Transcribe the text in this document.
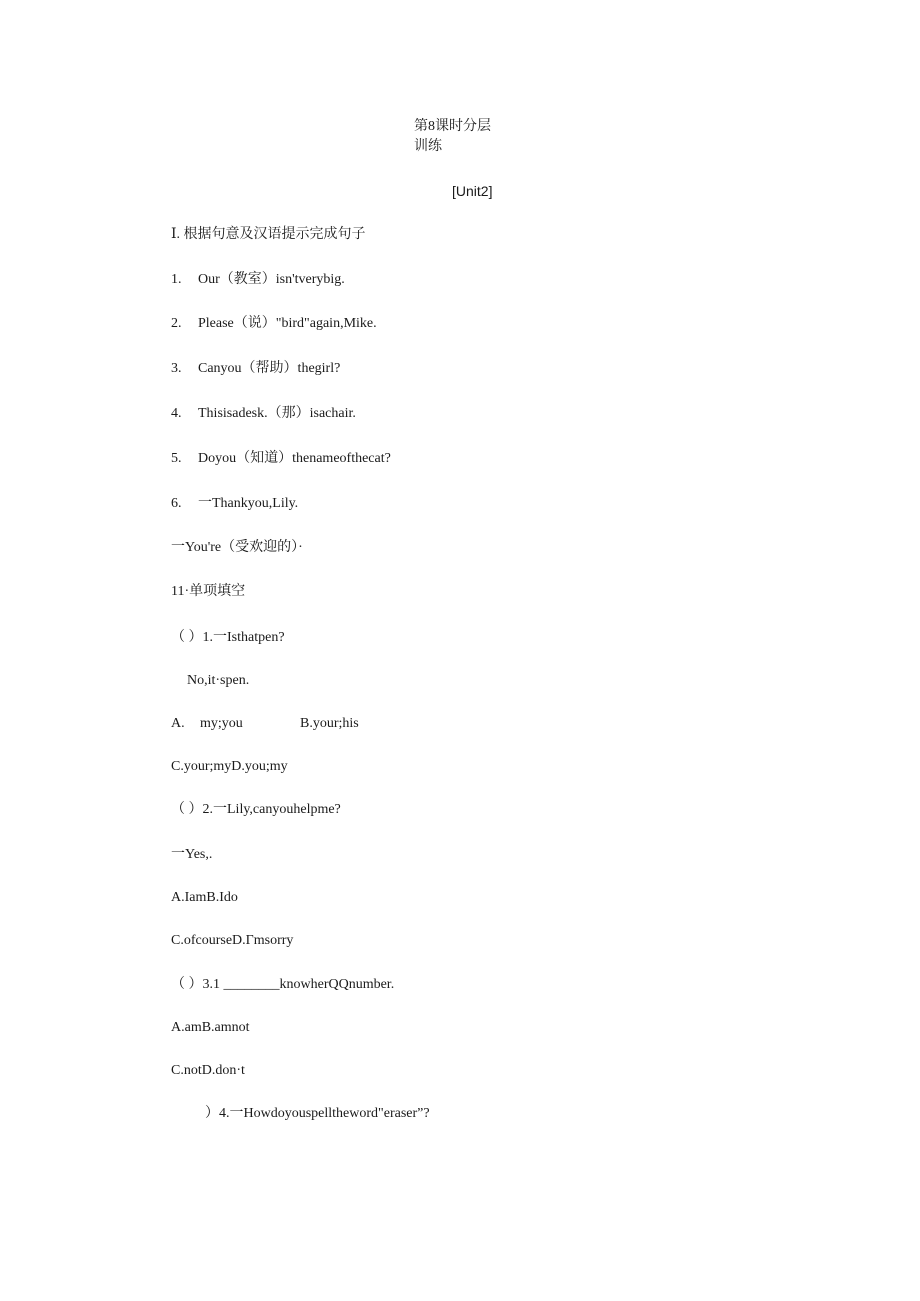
第8课时分层
训练
[Unit2]
Ⅰ. 根据句意及汉语提示完成句子
1. Our（教室）isn'tverybig.
2. Please（说）"bird"again,Mike.
3. Canyou（帮助）thegirl?
4. Thisisadesk.（那）isachair.
5. Doyou（知道）thenameofthecat?
6. 一Thankyou,Lily.
一You're（受欢迎的）·
11·单项填空
（ ）1.一Isthatpen?
No,it·spen.
A. my;you	B.your;his
C.your;myD.you;my
（ ）2.一Lily,canyouhelpme?
一Yes,.
A.IamB.Ido
C.ofcourseD.Γmsorry
（ ）3.1 ________knowherQQnumber.
A.amB.amnot
C.notD.don·t
）4.一Howdoyouspelltheword"eraser”?
